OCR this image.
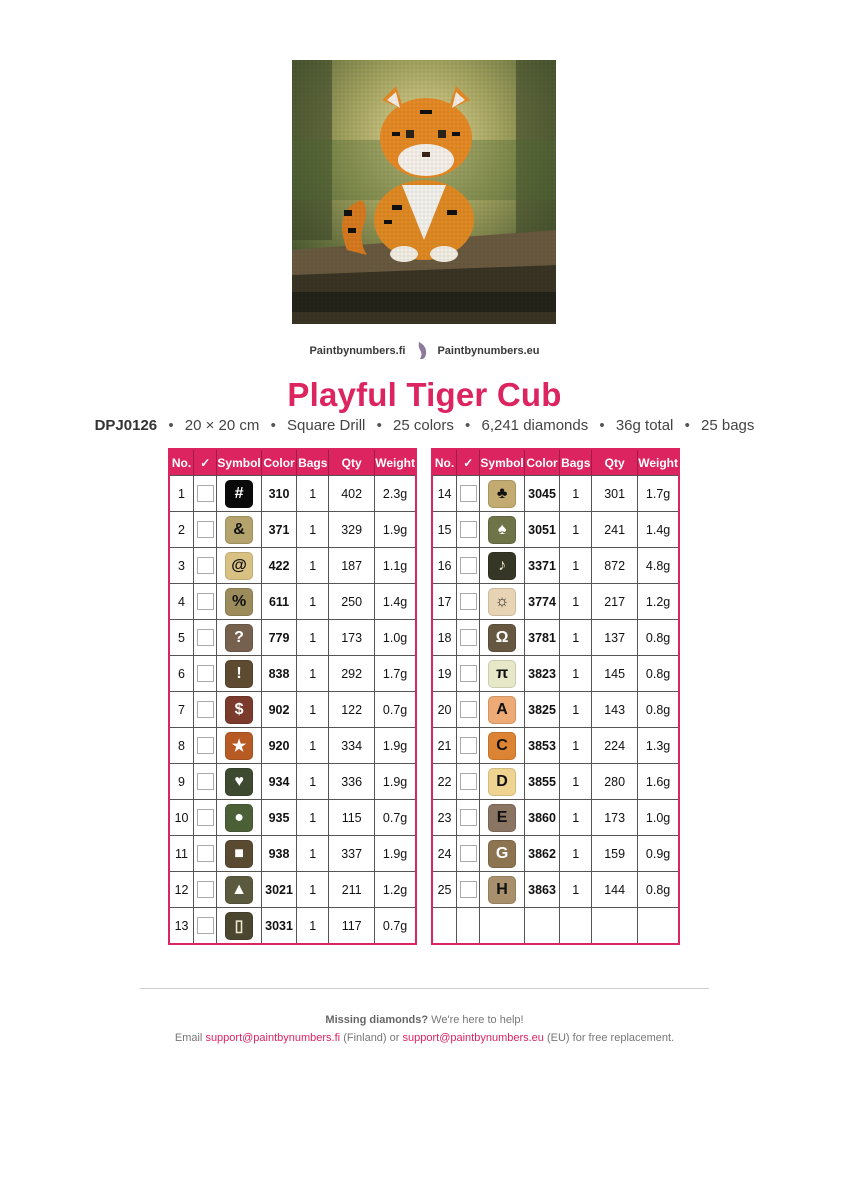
Paintbynumbers.fi	Paintbynumbers.eu
Playful Tiger Cub
DPJ0126 • 20 × 20 cm • Square Drill • 25 colors • 6,241 diamonds • 36g total • 25 bags
No.	✓	Symbol	Color	Bags	Qty	Weight
1		#	310	1	402	2.3g
2		&	371	1	329	1.9g
3		@	422	1	187	1.1g
4		%	611	1	250	1.4g
5		?	779	1	173	1.0g
6		!	838	1	292	1.7g
7		$	902	1	122	0.7g
8		★	920	1	334	1.9g
9		♥	934	1	336	1.9g
10		●	935	1	115	0.7g
11		■	938	1	337	1.9g
12		▲	3021	1	211	1.2g
13		▯	3031	1	117	0.7g
No.	✓	Symbol	Color	Bags	Qty	Weight
14		♣	3045	1	301	1.7g
15		♠	3051	1	241	1.4g
16		♪	3371	1	872	4.8g
17		☼	3774	1	217	1.2g
18		Ω	3781	1	137	0.8g
19		π	3823	1	145	0.8g
20		A	3825	1	143	0.8g
21		C	3853	1	224	1.3g
22		D	3855	1	280	1.6g
23		E	3860	1	173	1.0g
24		G	3862	1	159	0.9g
25		H	3863	1	144	0.8g

Missing diamonds? We're here to help!
Email support@paintbynumbers.fi (Finland) or support@paintbynumbers.eu (EU) for free replacement.
